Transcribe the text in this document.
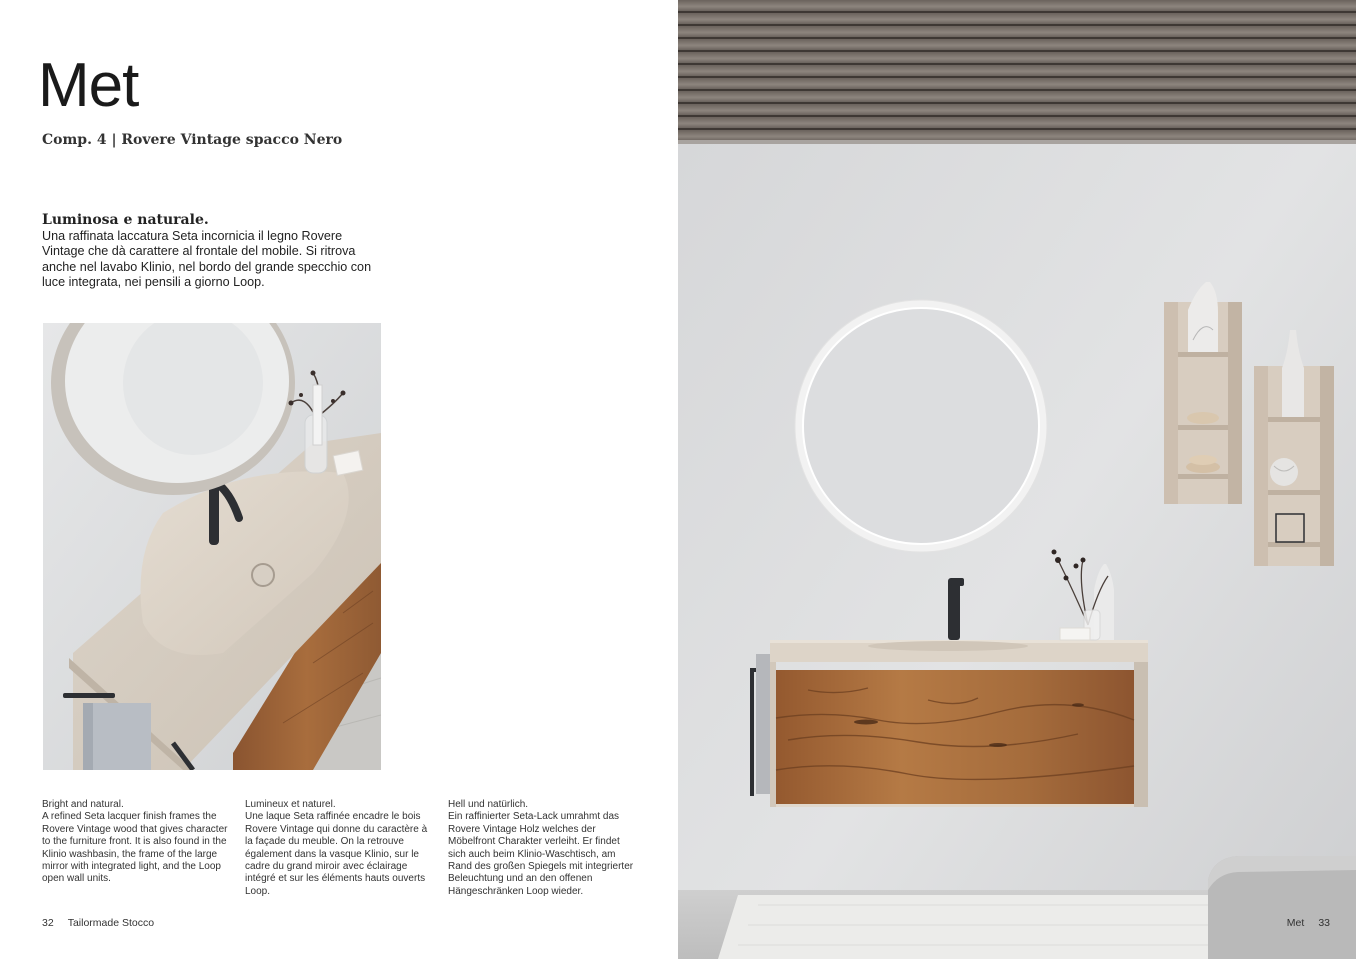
Met
Comp. 4 | Rovere Vintage spacco Nero
Luminosa e naturale.
Una raffinata laccatura Seta incornicia il legno Rovere Vintage che dà carattere al frontale del mobile. Si ritrova anche nel lavabo Klinio, nel bordo del grande specchio con luce integrata, nei pensili a giorno Loop.
Bright and natural.
A refined Seta lacquer finish frames the Rovere Vintage wood that gives character to the furniture front. It is also found in the Klinio washbasin, the frame of the large mirror with integrated light, and the Loop open wall units.
Lumineux et naturel.
Une laque Seta raffinée encadre le bois Rovere Vintage qui donne du caractère à la façade du meuble. On la retrouve également dans la vasque Klinio, sur le cadre du grand miroir avec éclairage intégré et sur les éléments hauts ouverts Loop.
Hell und natürlich.
Ein raffinierter Seta-Lack umrahmt das Rovere Vintage Holz welches der Möbelfront Charakter verleiht. Er findet sich auch beim Klinio-Waschtisch, am Rand des großen Spiegels mit integrierter Beleuchtung und an den offenen Hängeschränken Loop wieder.
32 Tailormade Stocco	Met 33
